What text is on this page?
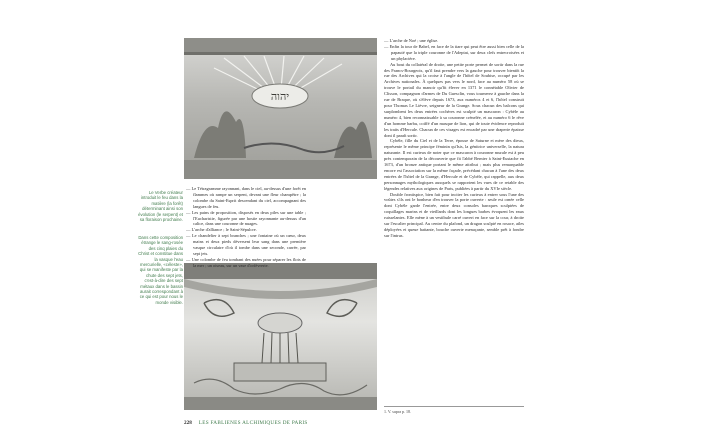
יהוה
Le Verbe créateur introduit le feu dans la matière (la forêt) déterminant ainsi son évolution (le serpent) et sa floraison prochaine.
Dans cette composition étrange le sang-rosée des cinq plaies du Christ et constitue dans la vasque l'eau mercurielle, «céleste», qui se manifeste par la chute des sept jets, c'est-à-dire des sept métaux dans le bassin aurait correspondant à ce qui est pour nous le monde visible.

— Le Tétragramme rayonnant, dans le ciel, au-dessus d'une forêt en flammes où rampe un serpent, devant une fleur champêtre ; la colombe du Saint-Esprit descendant du ciel, accompagnant des langues de feu.

— Les pains de proposition, disposés en deux piles sur une table ; l'Eucharistie, figurée par une hostie rayonnante au-dessus d'un calice, dans une couronne de nuages.

— L'arche d'alliance ; le Saint-Sépulcre.

— Le chandelier à sept branches ; une fontaine où un cœur, deux mains et deux pieds déversent leur sang dans une première vasque circulaire d'où il tombe dans une seconde, carrée, par sept jets.

— Une colombe de feu tombant des nuées pour séparer les flots de la mer ; un oiseau, sur un vase d'orfèvrerie.

— L'arche de Noé ; une église.

— Enfin la tour de Babel, en face de la tiare qui peut être aussi bien celle de la papauté que la triple couronne de l'Adeptat, sur deux clefs entrecroisées et un phylactère.

Au bout du collatéral de droite, une petite porte permet de sortir dans la rue des Francs-Bourgeois, qu'il faut prendre vers la gauche pour trouver bientôt la rue des Archives qui la croise à l'angle de l'hôtel de Soubise, occupé par les Archives nationales. À quelques pas vers le nord, face au numéro 58 où se trouve le portail du manoir qu'fit élever en 1371 le connétable Olivier de Clisson, compagnon d'armes de Du Guesclin, vous tournerez à gauche dans la rue de Braque, où s'élève depuis 1673, aux numéros 4 et 6, l'hôtel construit pour Thomas Le Lièvre, seigneur de la Grange. Sous chacun des balcons qui surplombent les deux entrées cochères est sculpté un mascaron : Cybèle au numéro 4, bien reconnaissable à sa couronne crénelée, et au numéro 6 le rêve d'un homme barbu, coiffé d'un masque de lion, qui de toute évidence reproduit les traits d'Hercule. Chacun de ces visages est encadré par une draperie épaisse dont il paraît sortir.

Cybèle, fille du Ciel et de la Terre, épouse de Saturne et mère des dieux, représente le même principe féminin qu'Isis, la génitrice universelle, la natura naturante. Il est curieux de noter que ce mascaron à couronne murale est à peu près contemporain de la découverte que fit l'abbé Bernier à Saint-Eustache en 1673, d'un bronze antique portant le même attribut ; mais plus remarquable encore est l'association sur la même façade, précédant chacun à l'une des deux entrées de l'hôtel de la Grange, d'Hercule et de Cybèle, qui rappelle, aux deux personnages mythologiques auxquels se rapportent les vues de ce retable des légendes relatives aux origines de Paris, publiées à partir du XVIe siècle.

Double frontispice, bien fait pour inciter les curieux à entrer sous l'une des voûtes s'ils ont le bonheur d'en trouver la porte ouverte : seule est ornée celle dont Cybèle garde l'entrée, entre deux consoles baroques sculptées de coquillages marins et de vieillards dont les longues barbes évoquent les eaux ruisselantes. Elle mène à un vestibule carré ouvert en face sur la cour, à droite sur l'escalier principal. Au centre du plafond, un dragon sculpté en rosace, ailes déployées et queue battante, bouche ouverte menaçante, semble prêt à fondre sur l'intrus.

1. V. supra p. 18.
228 LES FABLIENES ALCHIMIQUES DE PARIS
